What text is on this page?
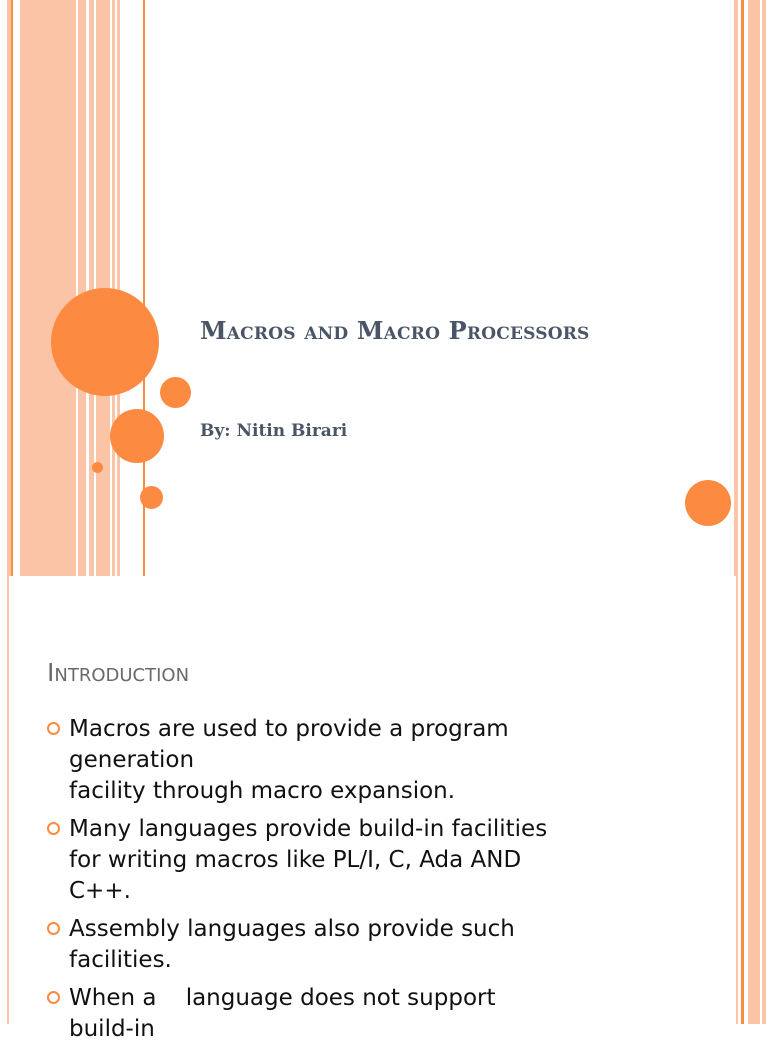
Macros and Macro Processors
By: Nitin Birari
Introduction
Macros are used to provide a program
generation
facility through macro expansion.
Many languages provide build-in facilities
for writing macros like PL/I, C, Ada AND
C++.
Assembly languages also provide such
facilities.
When a    language does not support
build-in
